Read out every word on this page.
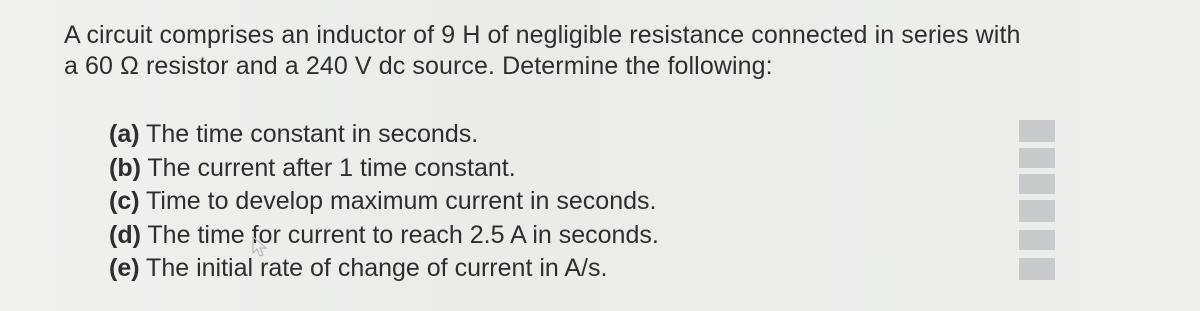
A circuit comprises an inductor of 9 H of negligible resistance connected in series with
a 60 Ω resistor and a 240 V dc source. Determine the following:
(a) The time constant in seconds.
(b) The current after 1 time constant.
(c) Time to develop maximum current in seconds.
(d) The time for current to reach 2.5 A in seconds.
(e) The initial rate of change of current in A/s.
